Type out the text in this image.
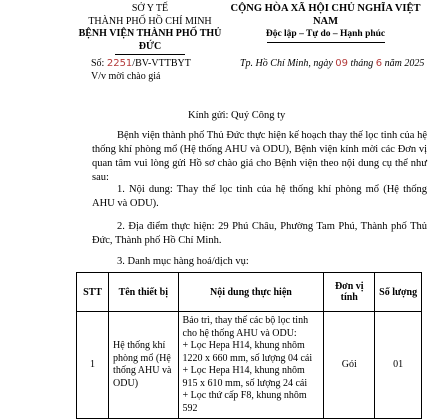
SỞ Y TẾ
THÀNH PHỐ HỒ CHÍ MINH
BỆNH VIỆN THÀNH PHỐ THỦ ĐỨC
CỘNG HÒA XÃ HỘI CHỦ NGHĨA VIỆT NAM
Độc lập – Tự do – Hạnh phúc
Số: 2251/BV-VTTBYT
V/v mời chào giá
Tp. Hồ Chí Minh, ngày 09 tháng 6 năm 2025
Kính gửi: Quý Công ty
Bệnh viện thành phố Thủ Đức thực hiện kế hoạch thay thế lọc tinh của hệ thống khí phòng mổ (Hệ thống AHU và ODU), Bệnh viện kính mời các Đơn vị quan tâm vui lòng gửi Hồ sơ chào giá cho Bệnh viện theo nội dung cụ thể như sau:
1. Nội dung: Thay thế lọc tinh của hệ thống khí phòng mổ (Hệ thống AHU và ODU).
2. Địa điểm thực hiện: 29 Phú Châu, Phường Tam Phú, Thành phố Thủ Đức, Thành phố Hồ Chí Minh.
3. Danh mục hàng hoá/dịch vụ:
STT	Tên thiết bị	Nội dung thực hiện	Đơn vị tính	Số lượng
1	Hệ thống khí phòng mổ (Hệ thống AHU và ODU)	Bảo trì, thay thế các bộ lọc tinh cho hệ thống AHU và ODU:
+ Lọc Hepa H14, khung nhôm 1220 x 660 mm, số lượng 04 cái
+ Lọc Hepa H14, khung nhôm 915 x 610 mm, số lượng 24 cái
+ Lọc thứ cấp F8, khung nhôm 592	Gói	01
